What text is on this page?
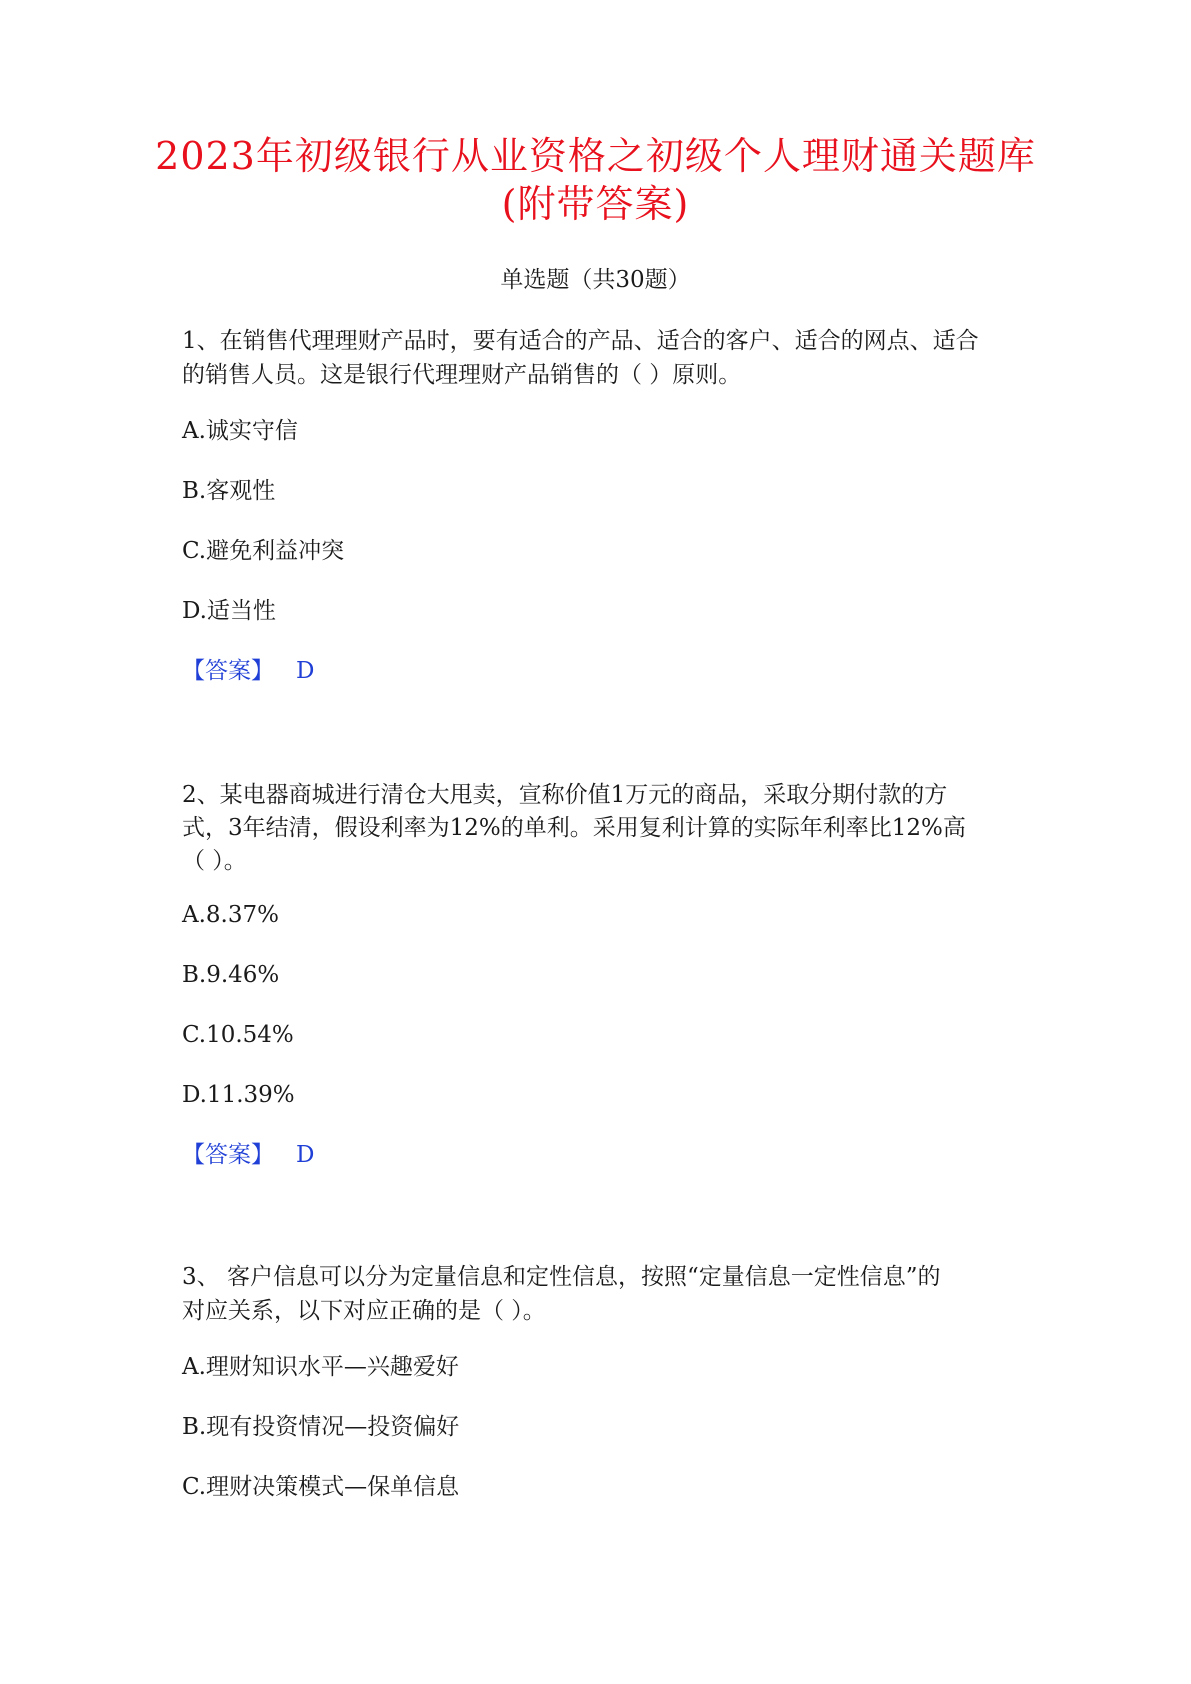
2023年初级银行从业资格之初级个人理财通关题库
(附带答案)
单选题（共30题）
1、在销售代理理财产品时，要有适合的产品、适合的客户、适合的网点、适合
的销售人员。这是银行代理理财产品销售的（ ）原则。
A.诚实守信
B.客观性
C.避免利益冲突
D.适当性
【答案】 D
2、某电器商城进行清仓大甩卖，宣称价值1万元的商品，采取分期付款的方
式，3年结清，假设利率为12%的单利。采用复利计算的实际年利率比12%高
（ ）。
A.8.37%
B.9.46%
C.10.54%
D.11.39%
【答案】 D
3、 客户信息可以分为定量信息和定性信息，按照“定量信息一定性信息”的
对应关系，以下对应正确的是（ ）。
A.理财知识水平—兴趣爱好
B.现有投资情况—投资偏好
C.理财决策模式—保单信息
